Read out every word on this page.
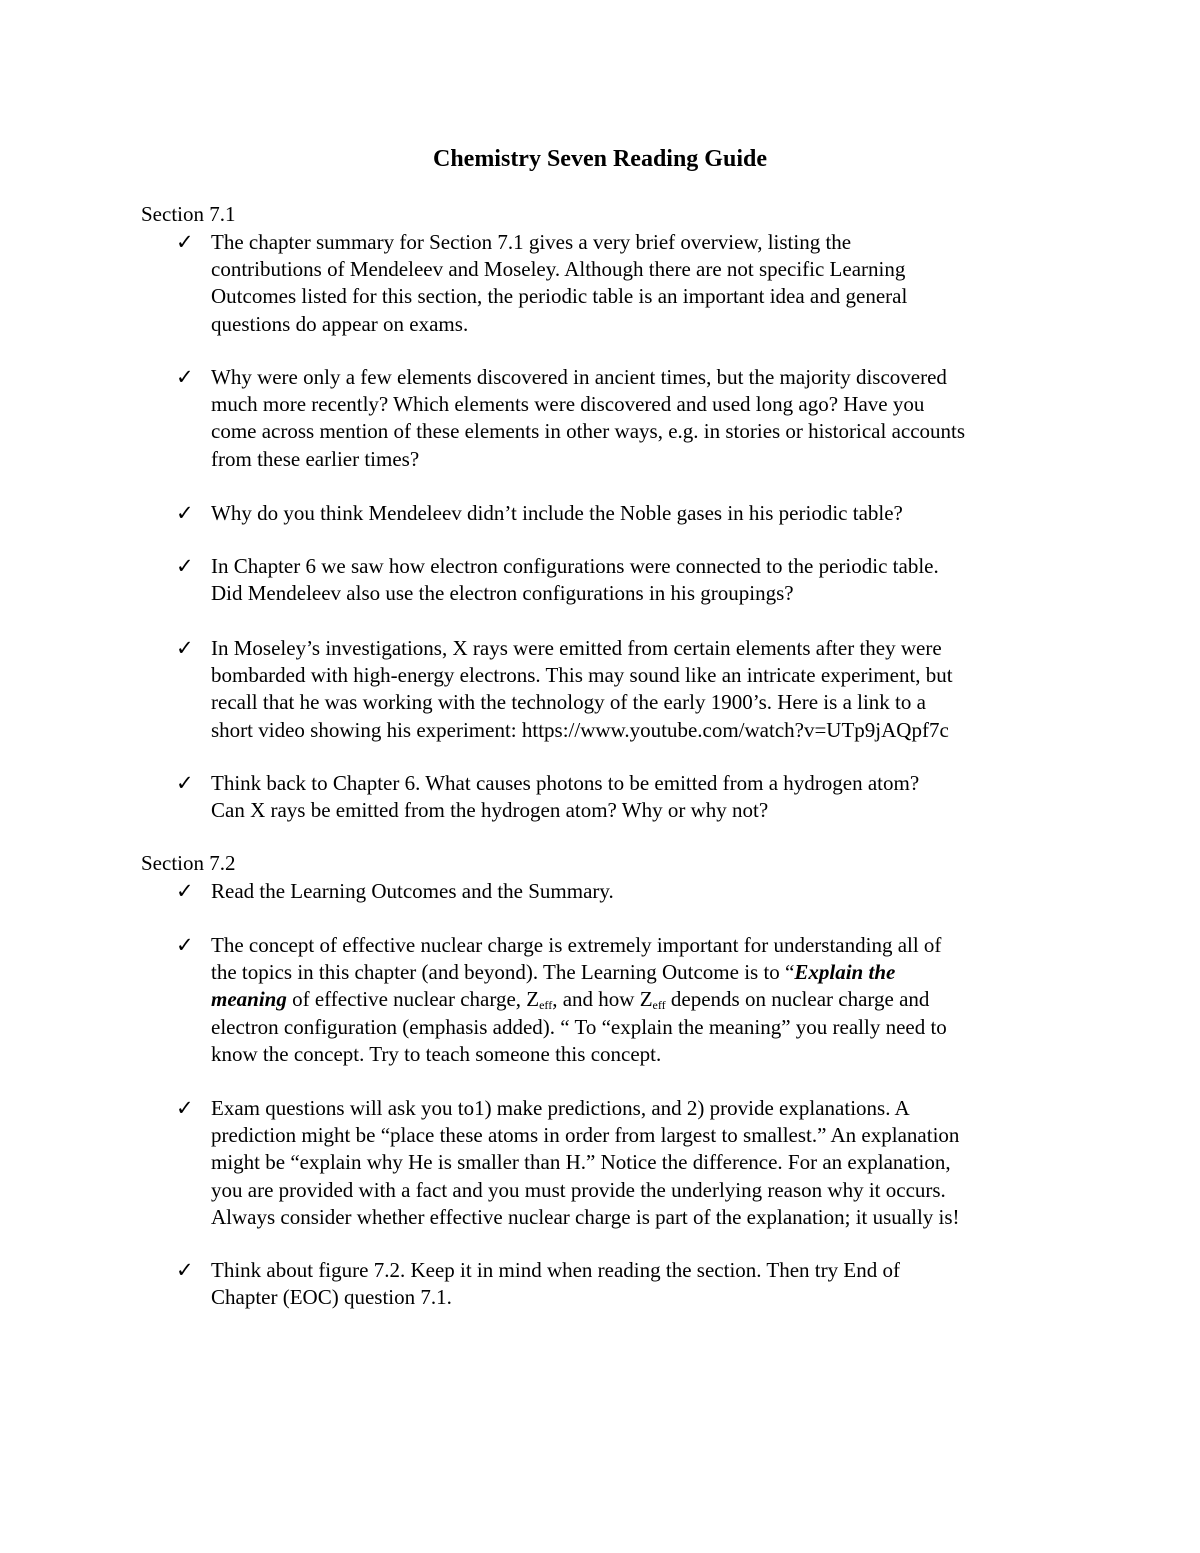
Chemistry Seven Reading Guide
Section 7.1
✓ The chapter summary for Section 7.1 gives a very brief overview, listing the
contributions of Mendeleev and Moseley. Although there are not specific Learning
Outcomes listed for this section, the periodic table is an important idea and general
questions do appear on exams.
✓ Why were only a few elements discovered in ancient times, but the majority discovered
much more recently? Which elements were discovered and used long ago? Have you
come across mention of these elements in other ways, e.g. in stories or historical accounts
from these earlier times?
✓ Why do you think Mendeleev didn’t include the Noble gases in his periodic table?
✓ In Chapter 6 we saw how electron configurations were connected to the periodic table.
Did Mendeleev also use the electron configurations in his groupings?
✓ In Moseley’s investigations, X rays were emitted from certain elements after they were
bombarded with high-energy electrons. This may sound like an intricate experiment, but
recall that he was working with the technology of the early 1900’s. Here is a link to a
short video showing his experiment: https://www.youtube.com/watch?v=UTp9jAQpf7c
✓ Think back to Chapter 6. What causes photons to be emitted from a hydrogen atom?
Can X rays be emitted from the hydrogen atom? Why or why not?
Section 7.2
✓ Read the Learning Outcomes and the Summary.
✓ The concept of effective nuclear charge is extremely important for understanding all of
the topics in this chapter (and beyond). The Learning Outcome is to “Explain the
meaning of effective nuclear charge, $Z_{eff}$, and how $Z_{eff}$ depends on nuclear charge and
electron configuration (emphasis added). “ To “explain the meaning” you really need to
know the concept. Try to teach someone this concept.
✓ Exam questions will ask you to1) make predictions, and 2) provide explanations. A
prediction might be “place these atoms in order from largest to smallest.” An explanation
might be “explain why He is smaller than H.” Notice the difference. For an explanation,
you are provided with a fact and you must provide the underlying reason why it occurs.
Always consider whether effective nuclear charge is part of the explanation; it usually is!
✓ Think about figure 7.2. Keep it in mind when reading the section. Then try End of
Chapter (EOC) question 7.1.
